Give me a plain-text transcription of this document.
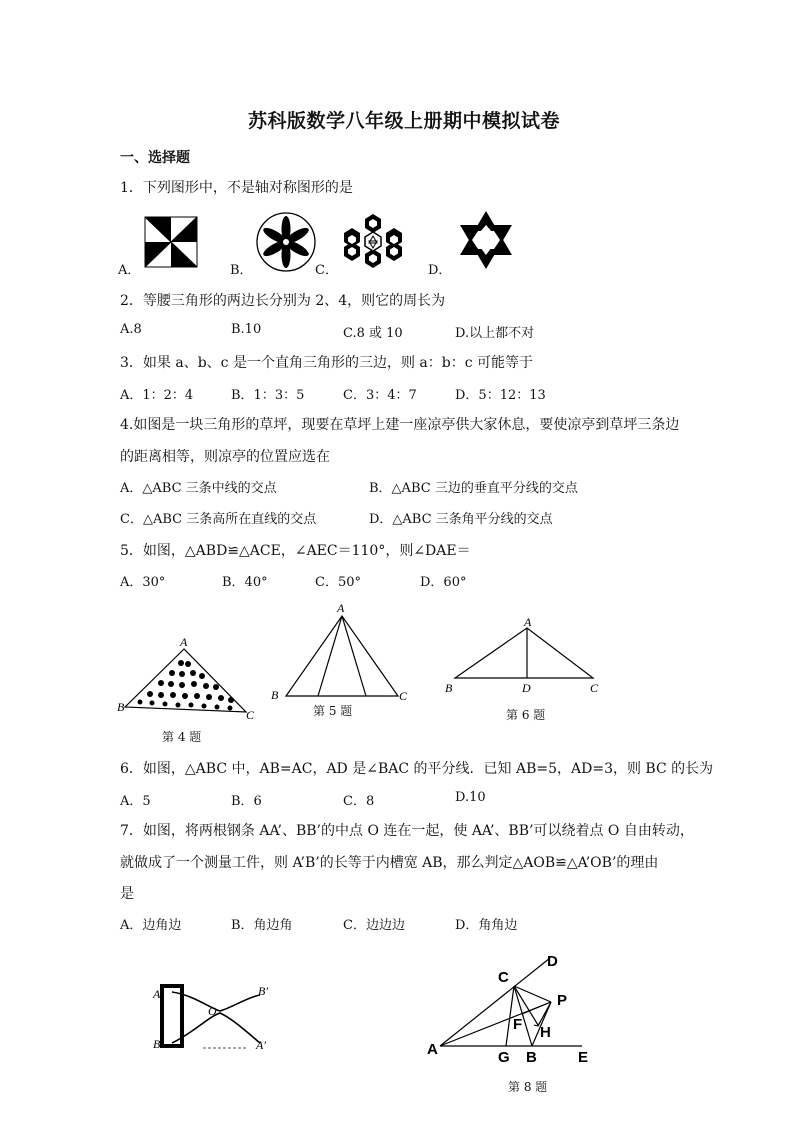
苏科版数学八年级上册期中模拟试卷
一、选择题
1．下列图形中，不是轴对称图形的是
A．	B．	C．	D．
2．等腰三角形的两边长分别为 2、4，则它的周长为
A.8	B.10	C.8 或 10	D.以上都不对
3．如果 a、b、c 是一个直角三角形的三边，则 a：b：c 可能等于
A．1：2：4	B．1：3：5	C．3：4：7	D．5：12：13
4.如图是一块三角形的草坪，现要在草坪上建一座凉亭供大家休息，要使凉亭到草坪三条边
的距离相等，则凉亭的位置应选在
A．△ABC 三条中线的交点	B．△ABC 三边的垂直平分线的交点
C．△ABC 三条高所在直线的交点	D．△ABC 三条角平分线的交点
5．如图，△ABD≌△ACE，∠AEC＝110°，则∠DAE＝
A．30°	B．40°	C．50°	D．60°
A
B
C
第 4 题
A
B	C
第 5 题
A
B	D	C
第 6 题
6．如图，△ABC 中，AB=AC，AD 是∠BAC 的平分线．已知 AB=5，AD=3，则 BC 的长为
A．5	B．6	C．8	D.10
7．如图，将两根钢条 AA’、BB’的中点 O 连在一起，使 AA’、BB’可以绕着点 O 自由转动，
就做成了一个测量工件，则 A’B’的长等于内槽宽 AB，那么判定△AOB≌△A’OB’的理由
是
A．边角边	B．角边角	C．边边边	D．角角边
A
B
O
B′
A′
C
D
P
F H
A	G B	E
第 8 题
